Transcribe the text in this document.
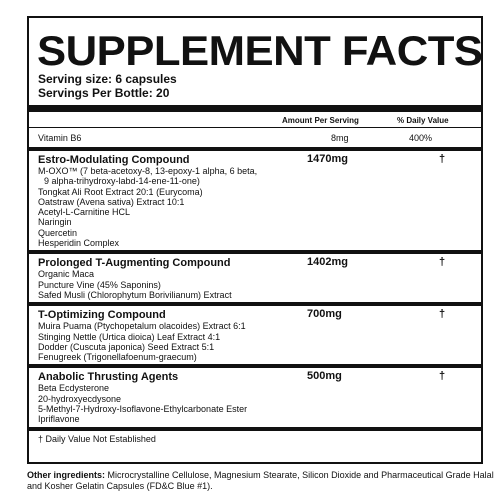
SUPPLEMENT FACTS
Serving size: 6 capsules
Servings Per Bottle: 20
Amount Per Serving	% Daily Value
Vitamin B6	8mg	400%
Estro-Modulating Compound	1470mg	†
M-OXO™ (7 beta-acetoxy-8, 13-epoxy-1 alpha, 6 beta,
9 alpha-trihydroxy-labd-14-ene-11-one)
Tongkat Ali Root Extract 20:1 (Eurycoma)
Oatstraw (Avena sativa) Extract 10:1
Acetyl-L-Carnitine HCL
Naringin
Quercetin
Hesperidin Complex
Prolonged T-Augmenting Compound	1402mg	†
Organic Maca
Puncture Vine (45% Saponins)
Safed Musli (Chlorophytum Borivilianum) Extract
T-Optimizing Compound	700mg	†
Muira Puama (Ptychopetalum olacoides) Extract 6:1
Stinging Nettle (Urtica dioica) Leaf Extract 4:1
Dodder (Cuscuta japonica) Seed Extract 5:1
Fenugreek (Trigonellafoenum-graecum)
Anabolic Thrusting Agents	500mg	†
Beta Ecdysterone
20-hydroxyecdysone
5-Methyl-7-Hydroxy-Isoflavone-Ethylcarbonate Ester
Ipriflavone
† Daily Value Not Established
Other ingredients: Microcrystalline Cellulose, Magnesium Stearate, Silicon Dioxide and Pharmaceutical Grade Halal and Kosher Gelatin Capsules (FD&C Blue #1).
